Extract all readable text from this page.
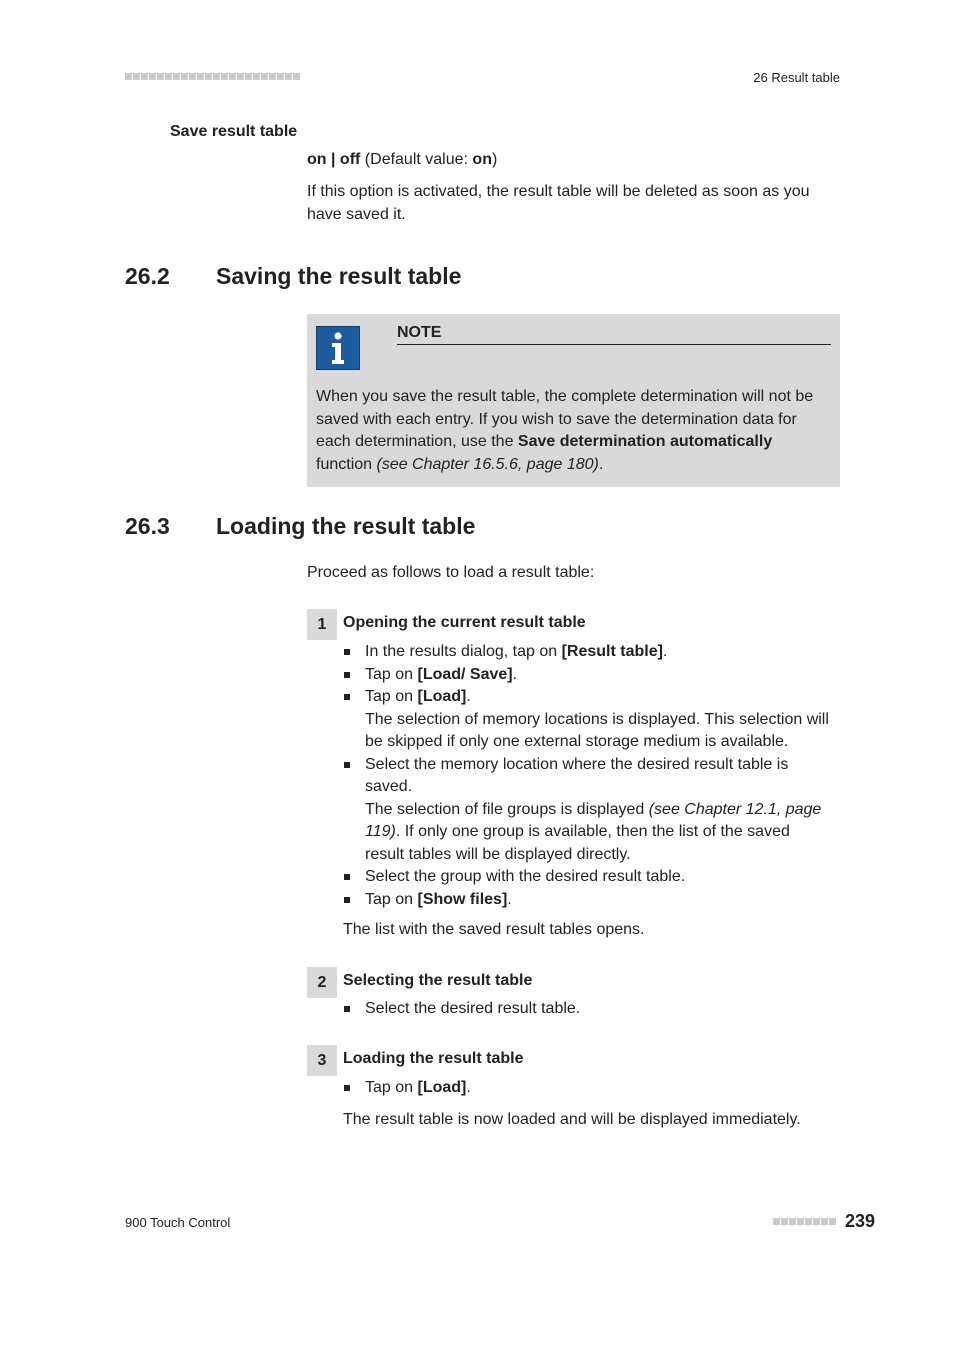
26 Result table
Save result table
on | off (Default value: on)
If this option is activated, the result table will be deleted as soon as you
have saved it.
26.2 Saving the result table
NOTE
When you save the result table, the complete determination will not be
saved with each entry. If you wish to save the determination data for
each determination, use the Save determination automatically
function (see Chapter 16.5.6, page 180).
26.3 Loading the result table
Proceed as follows to load a result table:
1	Opening the current result table
In the results dialog, tap on [Result table].
Tap on [Load/ Save].
Tap on [Load].
The selection of memory locations is displayed. This selection will
be skipped if only one external storage medium is available.
Select the memory location where the desired result table is
saved.
The selection of file groups is displayed (see Chapter 12.1, page
119). If only one group is available, then the list of the saved
result tables will be displayed directly.
Select the group with the desired result table.
Tap on [Show files].
The list with the saved result tables opens.
2	Selecting the result table
Select the desired result table.
3	Loading the result table
Tap on [Load].
The result table is now loaded and will be displayed immediately.
900 Touch Control	239
